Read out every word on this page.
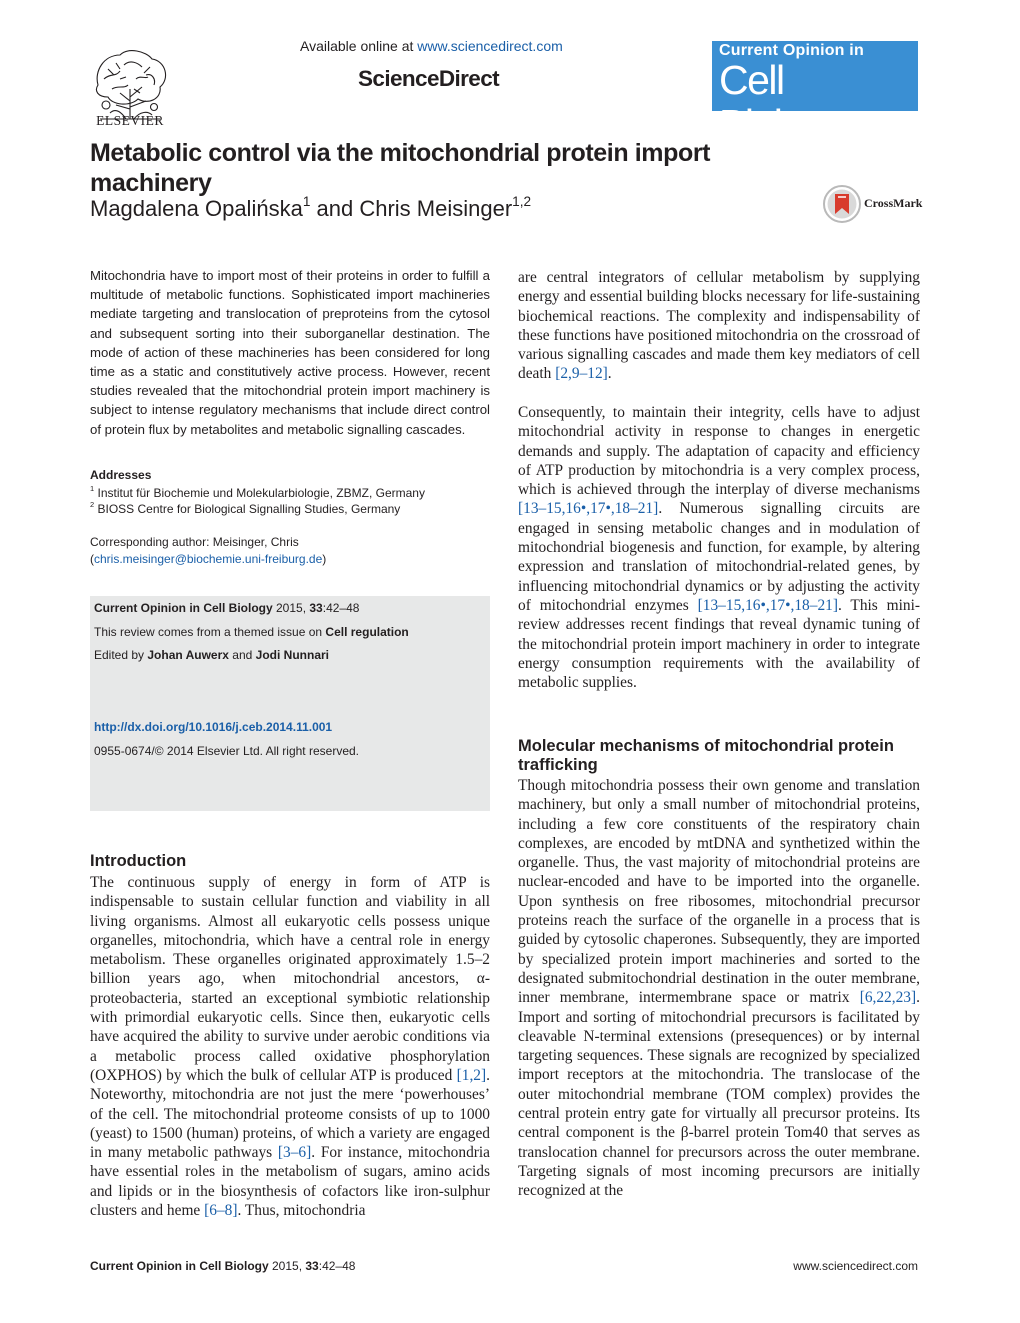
ELSEVIER
Available online at www.sciencedirect.com
ScienceDirect
Current Opinion in
Cell Biology
Metabolic control via the mitochondrial protein import machinery
Magdalena Opalińska$^1$ and Chris Meisinger$^{1,2}$	CrossMark

Mitochondria have to import most of their proteins in order to fulfill a multitude of metabolic functions. Sophisticated import machineries mediate targeting and translocation of preproteins from the cytosol and subsequent sorting into their suborganellar destination. The mode of action of these machineries has been considered for long time as a static and constitutively active process. However, recent studies revealed that the mitochondrial protein import machinery is subject to intense regulatory mechanisms that include direct control of protein flux by metabolites and metabolic signalling cascades.

Addresses
$^1$ Institut für Biochemie und Molekularbiologie, ZBMZ, Germany
$^2$ BIOSS Centre for Biological Signalling Studies, Germany
Corresponding author: Meisinger, Chris
(chris.meisinger@biochemie.uni-freiburg.de)
Current Opinion in Cell Biology 2015, 33:42–48
This review comes from a themed issue on Cell regulation
Edited by Johan Auwerx and Jodi Nunnari
http://dx.doi.org/10.1016/j.ceb.2014.11.001
0955-0674/© 2014 Elsevier Ltd. All right reserved.
Introduction

The continuous supply of energy in form of ATP is indispensable to sustain cellular function and viability in all living organisms. Almost all eukaryotic cells possess unique organelles, mitochondria, which have a central role in energy metabolism. These organelles originated approximately 1.5–2 billion years ago, when mitochondrial ancestors, α-proteobacteria, started an exceptional symbiotic relationship with primordial eukaryotic cells. Since then, eukaryotic cells have acquired the ability to survive under aerobic conditions via a metabolic process called oxidative phosphorylation (OXPHOS) by which the bulk of cellular ATP is produced [1,2]. Noteworthy, mitochondria are not just the mere ‘powerhouses’ of the cell. The mitochondrial proteome consists of up to 1000 (yeast) to 1500 (human) proteins, of which a variety are engaged in many metabolic pathways [3–6]. For instance, mitochondria have essential roles in the metabolism of sugars, amino acids and lipids or in the biosynthesis of cofactors like iron-sulphur clusters and heme [6–8]. Thus, mitochondria

are central integrators of cellular metabolism by supplying energy and essential building blocks necessary for life-sustaining biochemical reactions. The complexity and indispensability of these functions have positioned mitochondria on the crossroad of various signalling cascades and made them key mediators of cell death [2,9–12].

Consequently, to maintain their integrity, cells have to adjust mitochondrial activity in response to changes in energetic demands and supply. The adaptation of capacity and efficiency of ATP production by mitochondria is a very complex process, which is achieved through the interplay of diverse mechanisms [13–15,16•,17•,18–21]. Numerous signalling circuits are engaged in sensing metabolic changes and in modulation of mitochondrial biogenesis and function, for example, by altering expression and translation of mitochondrial-related genes, by influencing mitochondrial dynamics or by adjusting the activity of mitochondrial enzymes [13–15,16•,17•,18–21]. This mini-review addresses recent findings that reveal dynamic tuning of the mitochondrial protein import machinery in order to integrate energy consumption requirements with the availability of metabolic supplies.

Molecular mechanisms of mitochondrial protein trafficking

Though mitochondria possess their own genome and translation machinery, but only a small number of mitochondrial proteins, including a few core constituents of the respiratory chain complexes, are encoded by mtDNA and synthetized within the organelle. Thus, the vast majority of mitochondrial proteins are nuclear-encoded and have to be imported into the organelle. Upon synthesis on free ribosomes, mitochondrial precursor proteins reach the surface of the organelle in a process that is guided by cytosolic chaperones. Subsequently, they are imported by specialized protein import machineries and sorted to the designated submitochondrial destination in the outer membrane, inner membrane, intermembrane space or matrix [6,22,23]. Import and sorting of mitochondrial precursors is facilitated by cleavable N-terminal extensions (presequences) or by internal targeting sequences. These signals are recognized by specialized import receptors at the mitochondria. The translocase of the outer mitochondrial membrane (TOM complex) provides the central protein entry gate for virtually all precursor proteins. Its central component is the β-barrel protein Tom40 that serves as translocation channel for precursors across the outer membrane. Targeting signals of most incoming precursors are initially recognized at the

Current Opinion in Cell Biology 2015, 33:42–48	www.sciencedirect.com
